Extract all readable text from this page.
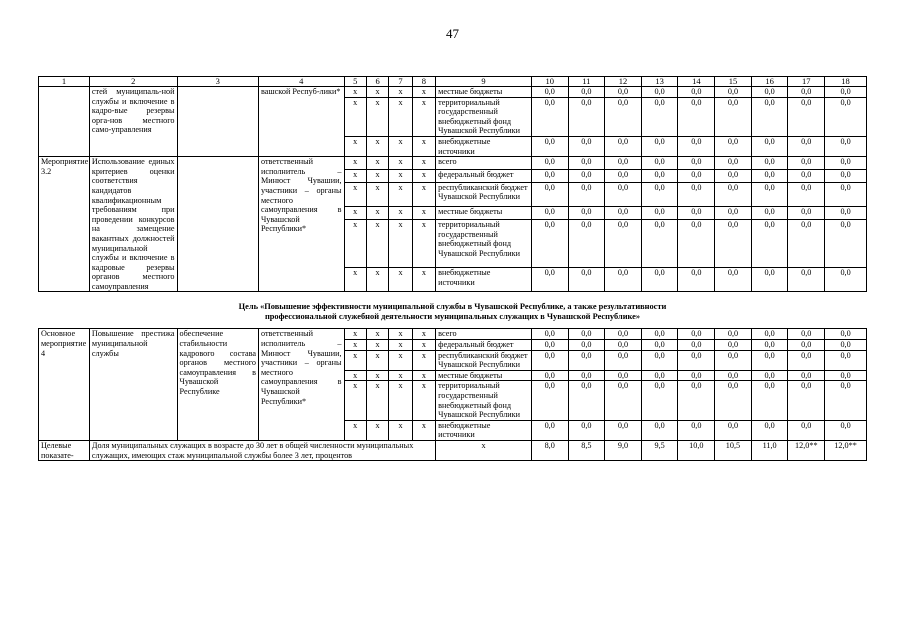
47
1	2	3	4	5	6	7	8	9	10	11	12	13	14	15	16	17	18
	стей муниципаль-ной службы и включение в кадро-вые резервы орга-нов местного само-управления		вашской Респуб-лики*	x	x	x	x	местные бюджеты	0,0	0,0	0,0	0,0	0,0	0,0	0,0	0,0	0,0
				x	x	x	x	территориальный государственный внебюджетный фонд Чувашской Республики	0,0	0,0	0,0	0,0	0,0	0,0	0,0	0,0	0,0
				x	x	x	x	внебюджетные источники	0,0	0,0	0,0	0,0	0,0	0,0	0,0	0,0	0,0
Мероприятие 3.2	Использование единых критериев оценки соответствия кандидатов квалификационным требованиям при проведении конкурсов на замещение вакантных должностей муниципальной службы и включение в кадровые резервы органов местного самоуправления		ответственный исполнитель – Минюст Чувашии, участники – органы местного самоуправления в Чувашской Республики*	x	x	x	x	всего	0,0	0,0	0,0	0,0	0,0	0,0	0,0	0,0	0,0
				x	x	x	x	федеральный бюджет	0,0	0,0	0,0	0,0	0,0	0,0	0,0	0,0	0,0
				x	x	x	x	республиканский бюджет Чувашской Республики	0,0	0,0	0,0	0,0	0,0	0,0	0,0	0,0	0,0
				x	x	x	x	местные бюджеты	0,0	0,0	0,0	0,0	0,0	0,0	0,0	0,0	0,0
				x	x	x	x	территориальный государственный внебюджетный фонд Чувашской Республики	0,0	0,0	0,0	0,0	0,0	0,0	0,0	0,0	0,0
				x	x	x	x	внебюджетные источники	0,0	0,0	0,0	0,0	0,0	0,0	0,0	0,0	0,0

Цель «Повышение эффективности муниципальной службы в Чувашской Республике, а также результативности
профессиональной служебной деятельности муниципальных служащих в Чувашской Республике»																	

Основное мероприятие 4	Повышение престижа муниципальной службы	обеспечение стабильности кадрового состава органов местного самоуправления в Чувашской Республике	ответственный исполнитель – Минюст Чувашии, участники – органы местного самоуправления в Чувашской Республики*	x	x	x	x	всего	0,0	0,0	0,0	0,0	0,0	0,0	0,0	0,0	0,0
				x	x	x	x	федеральный бюджет	0,0	0,0	0,0	0,0	0,0	0,0	0,0	0,0	0,0
				x	x	x	x	республиканский бюджет Чувашской Республики	0,0	0,0	0,0	0,0	0,0	0,0	0,0	0,0	0,0
				x	x	x	x	местные бюджеты	0,0	0,0	0,0	0,0	0,0	0,0	0,0	0,0	0,0
				x	x	x	x	территориальный государственный внебюджетный фонд Чувашской Республики	0,0	0,0	0,0	0,0	0,0	0,0	0,0	0,0	0,0
				x	x	x	x	внебюджетные источники	0,0	0,0	0,0	0,0	0,0	0,0	0,0	0,0	0,0
Целевые показате-	Доля муниципальных служащих в возрасте до 30 лет в общей численности муниципальных служащих, имеющих стаж муниципальной службы более 3 лет, процентов							x	8,0	8,5	9,0	9,5	10,0	10,5	11,0	12,0**	12,0**
